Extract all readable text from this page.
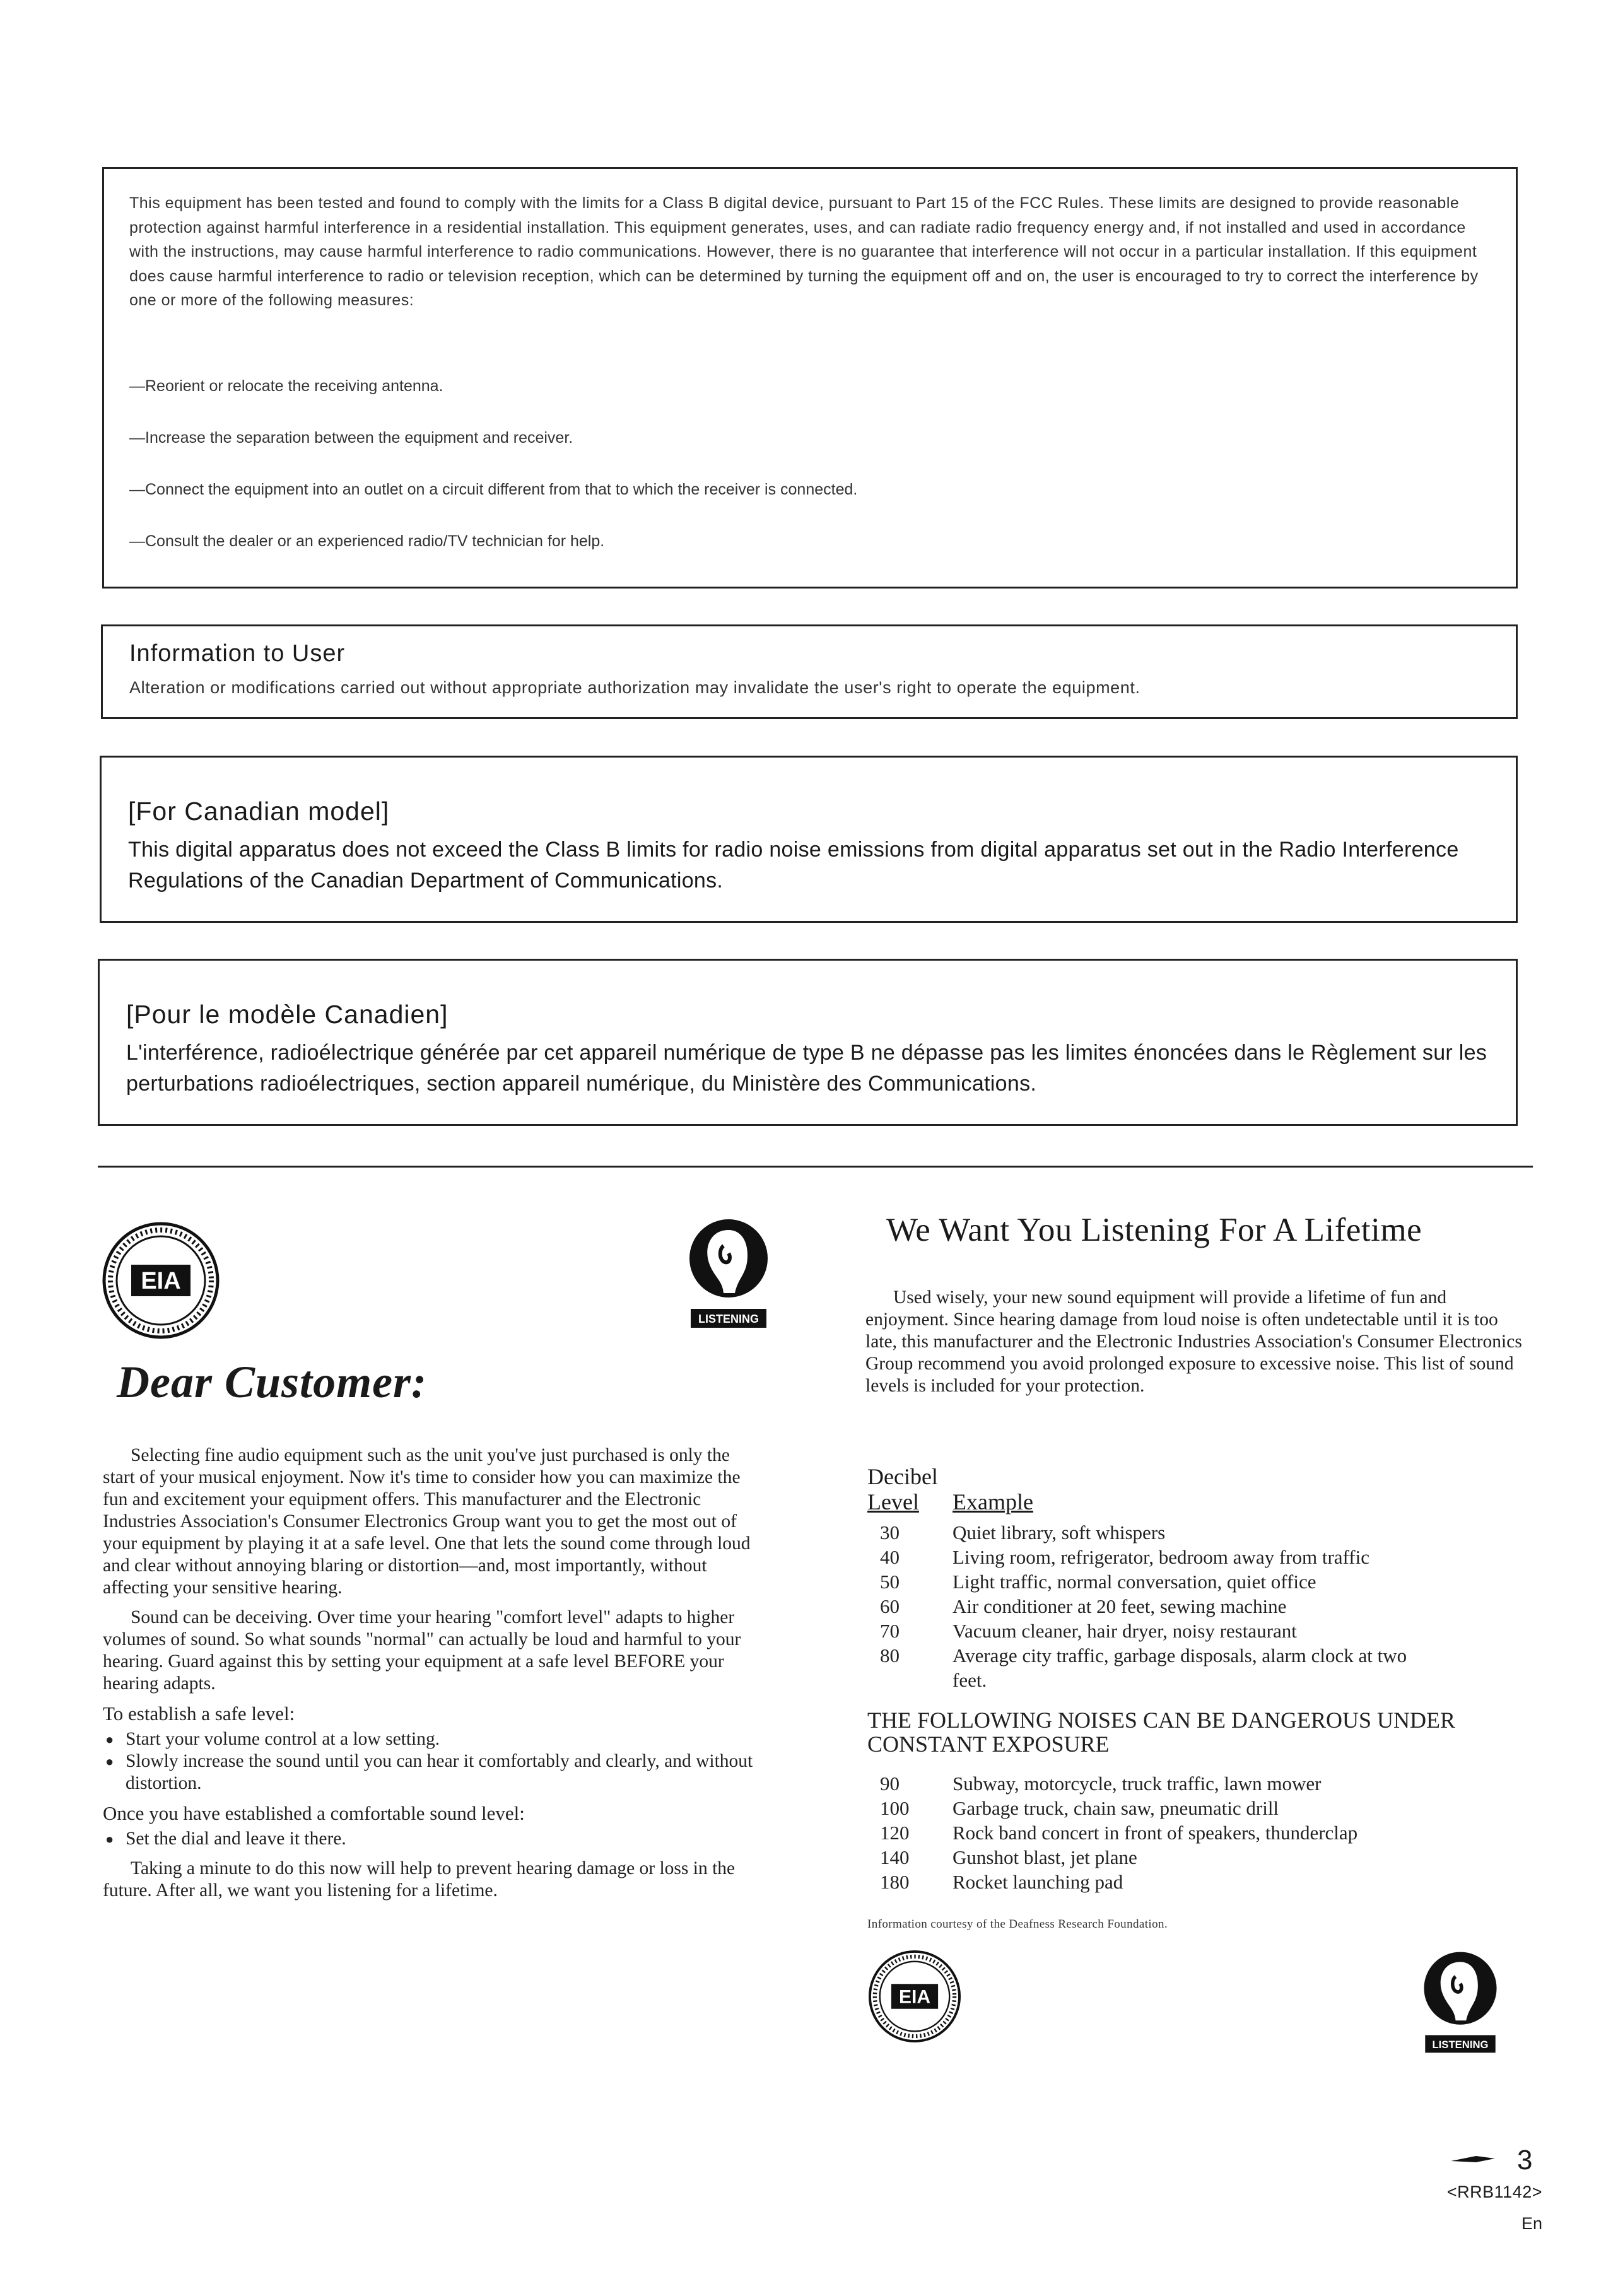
This equipment has been tested and found to comply with the limits for a Class B digital device, pursuant to Part 15 of the FCC Rules. These limits are designed to provide reasonable protection against harmful interference in a residential installation. This equipment generates, uses, and can radiate radio frequency energy and, if not installed and used in accordance with the instructions, may cause harmful interference to radio communications. However, there is no guarantee that interference will not occur in a particular installation. If this equipment does cause harmful interference to radio or television reception, which can be determined by turning the equipment off and on, the user is encouraged to try to correct the interference by one or more of the following measures:

—Reorient or relocate the receiving antenna.

—Increase the separation between the equipment and receiver.

—Connect the equipment into an outlet on a circuit different from that to which the receiver is connected.

—Consult the dealer or an experienced radio/TV technician for help.

Information to User

Alteration or modifications carried out without appropriate authorization may invalidate the user's right to operate the equipment.

[For Canadian model]

This digital apparatus does not exceed the Class B limits for radio noise emissions from digital apparatus set out in the Radio Interference Regulations of the Canadian Department of Communications.

[Pour le modèle Canadien]

L'interférence, radioélectrique générée par cet appareil numérique de type B ne dépasse pas les limites énoncées dans le Règlement sur les perturbations radioélectriques, section appareil numérique, du Ministère des Communications.

EIA
LISTENING
Dear Customer:

Selecting fine audio equipment such as the unit you've just purchased is only the start of your musical enjoyment. Now it's time to consider how you can maximize the fun and excitement your equipment offers. This manufacturer and the Electronic Industries Association's Consumer Electronics Group want you to get the most out of your equipment by playing it at a safe level. One that lets the sound come through loud and clear without annoying blaring or distortion—and, most importantly, without affecting your sensitive hearing.

Sound can be deceiving. Over time your hearing "comfort level" adapts to higher volumes of sound. So what sounds "normal" can actually be loud and harmful to your hearing. Guard against this by setting your equipment at a safe level BEFORE your hearing adapts.

To establish a safe level:
● Start your volume control at a low setting.
● Slowly increase the sound until you can hear it comfortably and clearly, and without distortion.
Once you have established a comfortable sound level:
● Set the dial and leave it there.

Taking a minute to do this now will help to prevent hearing damage or loss in the future. After all, we want you listening for a lifetime.

We Want You Listening For A Lifetime

Used wisely, your new sound equipment will provide a lifetime of fun and enjoyment. Since hearing damage from loud noise is often undetectable until it is too late, this manufacturer and the Electronic Industries Association's Consumer Electronics Group recommend you avoid prolonged exposure to excessive noise. This list of sound levels is included for your protection.

Decibel
Level Example
30	Quiet library, soft whispers
40	Living room, refrigerator, bedroom away from traffic
50	Light traffic, normal conversation, quiet office
60	Air conditioner at 20 feet, sewing machine
70	Vacuum cleaner, hair dryer, noisy restaurant
80	Average city traffic, garbage disposals, alarm clock at two feet.

THE FOLLOWING NOISES CAN BE DANGEROUS UNDER CONSTANT EXPOSURE

90	Subway, motorcycle, truck traffic, lawn mower
100	Garbage truck, chain saw, pneumatic drill
120	Rock band concert in front of speakers, thunderclap
140	Gunshot blast, jet plane
180	Rocket launching pad
Information courtesy of the Deafness Research Foundation.
EIA
LISTENING
3
<RRB1142>
En
